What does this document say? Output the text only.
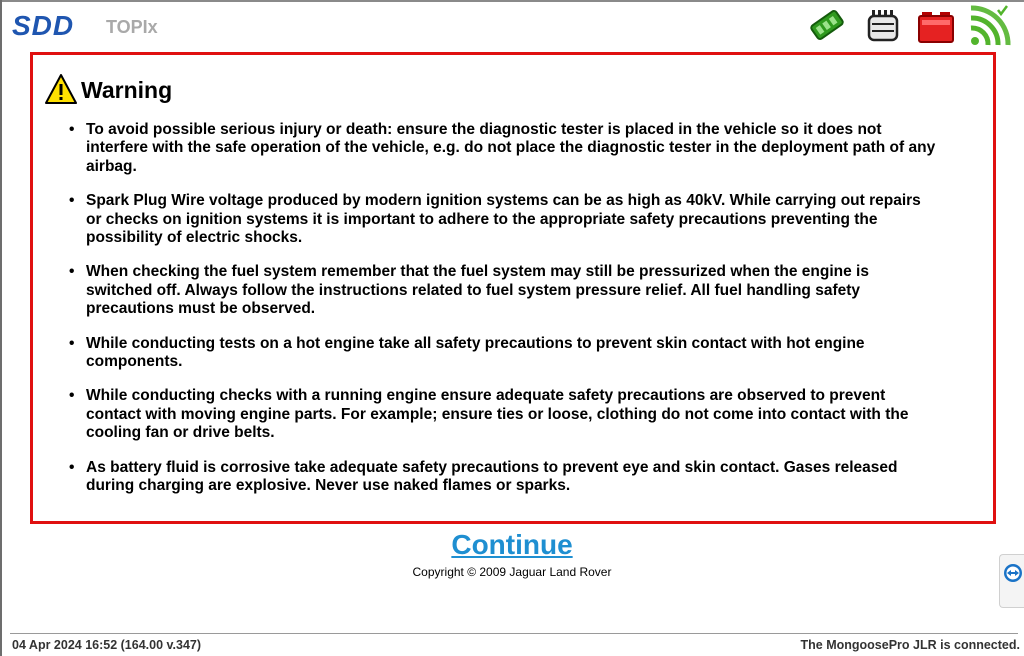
SDD TOPIx
Warning
• To avoid possible serious injury or death: ensure the diagnostic tester is placed in the vehicle so it does not interfere with the safe operation of the vehicle, e.g. do not place the diagnostic tester in the deployment path of any airbag.
• Spark Plug Wire voltage produced by modern ignition systems can be as high as 40kV. While carrying out repairs or checks on ignition systems it is important to adhere to the appropriate safety precautions preventing the possibility of electric shocks.
• When checking the fuel system remember that the fuel system may still be pressurized when the engine is switched off. Always follow the instructions related to fuel system pressure relief. All fuel handling safety precautions must be observed.
• While conducting tests on a hot engine take all safety precautions to prevent skin contact with hot engine components.
• While conducting checks with a running engine ensure adequate safety precautions are observed to prevent contact with moving engine parts. For example; ensure ties or loose, clothing do not come into contact with the cooling fan or drive belts.
• As battery fluid is corrosive take adequate safety precautions to prevent eye and skin contact. Gases released during charging are explosive. Never use naked flames or sparks.
Continue
Copyright © 2009 Jaguar Land Rover
04 Apr 2024 16:52 (164.00 v.347)	The MongoosePro JLR is connected.
